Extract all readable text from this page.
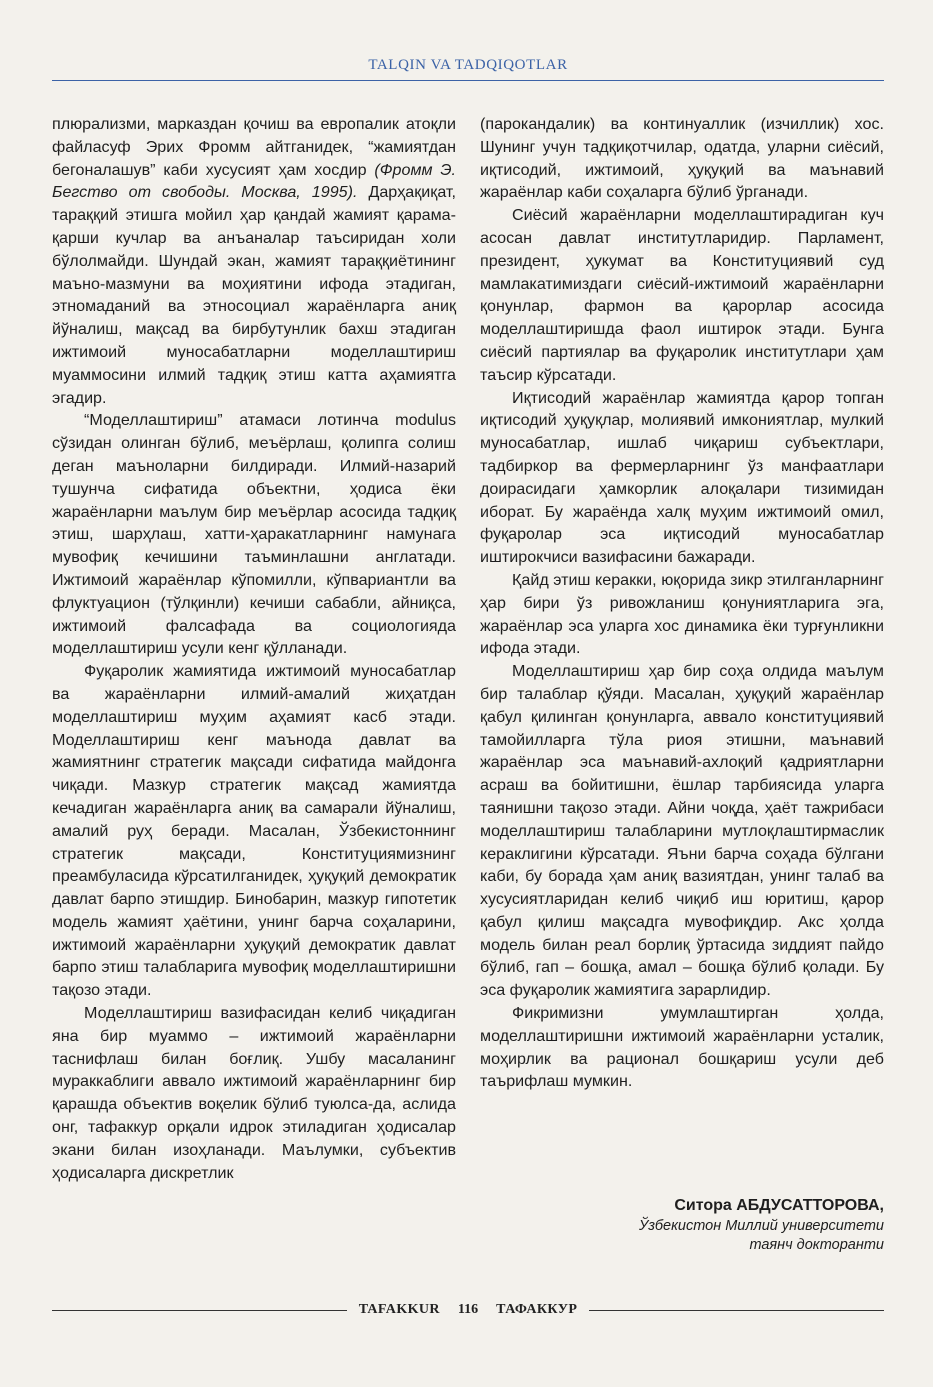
TALQIN VA TADQIQOTLAR

плюрализми, марказдан қочиш ва европалик атоқли файласуф Эрих Фромм айтганидек, “жамиятдан бегоналашув” каби хусусият ҳам хосдир (Фромм Э. Бегство от свободы. Москва, 1995). Дарҳақиқат, тараққий этишга мойил ҳар қандай жамият қарама-қарши кучлар ва анъаналар таъсиридан холи бўлолмайди. Шундай экан, жамият тараққиётининг маъно-мазмуни ва моҳиятини ифода этадиган, этномаданий ва этносоциал жараёнларга аниқ йўналиш, мақсад ва бирбутунлик бахш этадиган ижтимоий муносабатларни моделлаштириш муаммосини илмий тадқиқ этиш катта аҳамиятга эгадир.

“Моделлаштириш” атамаси лотинча modulus сўзидан олинган бўлиб, меъёрлаш, қолипга солиш деган маъноларни билдиради. Илмий-назарий тушунча сифатида объектни, ҳодиса ёки жараёнларни маълум бир меъёрлар асосида тадқиқ этиш, шарҳлаш, хатти-ҳаракатларнинг намунага мувофиқ кечишини таъминлашни англатади. Ижтимоий жараёнлар кўпомилли, кўпвариантли ва флуктуацион (тўлқинли) кечиши сабабли, айниқса, ижтимоий фалсафада ва социологияда моделлаштириш усули кенг қўлланади.

Фуқаролик жамиятида ижтимоий муносабатлар ва жараёнларни илмий-амалий жиҳатдан моделлаштириш муҳим аҳамият касб этади. Моделлаштириш кенг маънода давлат ва жамиятнинг стратегик мақсади сифатида майдонга чиқади. Мазкур стратегик мақсад жамиятда кечадиган жараёнларга аниқ ва самарали йўналиш, амалий руҳ беради. Масалан, Ўзбекистоннинг стратегик мақсади, Конституциямизнинг преамбуласида кўрсатилганидек, ҳуқуқий демократик давлат барпо этишдир. Бинобарин, мазкур гипотетик модель жамият ҳаётини, унинг барча соҳаларини, ижтимоий жараёнларни ҳуқуқий демократик давлат барпо этиш талабларига мувофиқ моделлаштиришни тақозо этади.

Моделлаштириш вазифасидан келиб чиқадиган яна бир муаммо – ижтимоий жараёнларни таснифлаш билан боғлиқ. Ушбу масаланинг мураккаблиги аввало ижтимоий жараёнларнинг бир қарашда объектив воқелик бўлиб туюлса-да, аслида онг, тафаккур орқали идрок этиладиган ҳодисалар экани билан изоҳланади. Маълумки, субъектив ҳодисаларга дискретлик

(парокандалик) ва континуаллик (изчиллик) хос. Шунинг учун тадқиқотчилар, одатда, уларни сиёсий, иқтисодий, ижтимоий, ҳуқуқий ва маънавий жараёнлар каби соҳаларга бўлиб ўрганади.

Сиёсий жараёнларни моделлаштирадиган куч асосан давлат институтларидир. Парламент, президент, ҳукумат ва Конституциявий суд мамлакатимиздаги сиёсий-ижтимоий жараёнларни қонунлар, фармон ва қарорлар асосида моделлаштиришда фаол иштирок этади. Бунга сиёсий партиялар ва фуқаролик институтлари ҳам таъсир кўрсатади.

Иқтисодий жараёнлар жамиятда қарор топган иқтисодий ҳуқуқлар, молиявий имкониятлар, мулкий муносабатлар, ишлаб чиқариш субъектлари, тадбиркор ва фермерларнинг ўз манфаатлари доирасидаги ҳамкорлик алоқалари тизимидан иборат. Бу жараёнда халқ муҳим ижтимоий омил, фуқаролар эса иқтисодий муносабатлар иштирокчиси вазифасини бажаради.

Қайд этиш керакки, юқорида зикр этилганларнинг ҳар бири ўз ривожланиш қонуниятларига эга, жараёнлар эса уларга хос динамика ёки турғунликни ифода этади.

Моделлаштириш ҳар бир соҳа олдида маълум бир талаблар қўяди. Масалан, ҳуқуқий жараёнлар қабул қилинган қонунларга, аввало конституциявий тамойилларга тўла риоя этишни, маънавий жараёнлар эса маънавий-ахлоқий қадриятларни асраш ва бойитишни, ёшлар тарбиясида уларга таянишни тақозо этади. Айни чоқда, ҳаёт тажрибаси моделлаштириш талабларини мутлоқлаштирмаслик кераклигини кўрсатади. Яъни барча соҳада бўлгани каби, бу борада ҳам аниқ вазиятдан, унинг талаб ва хусусиятларидан келиб чиқиб иш юритиш, қарор қабул қилиш мақсадга мувофиқдир. Акс ҳолда модель билан реал борлиқ ўртасида зиддият пайдо бўлиб, гап – бошқа, амал – бошқа бўлиб қолади. Бу эса фуқаролик жамиятига зарарлидир.

Фикримизни умумлаштирган ҳолда, моделлаштиришни ижтимоий жараёнларни усталик, моҳирлик ва рационал бошқариш усули деб таърифлаш мумкин.

Ситора АБДУСАТТОРОВА,
Ўзбекистон Миллий университети
таянч докторанти
TAFAKKUR	116	ТАФАККУР
